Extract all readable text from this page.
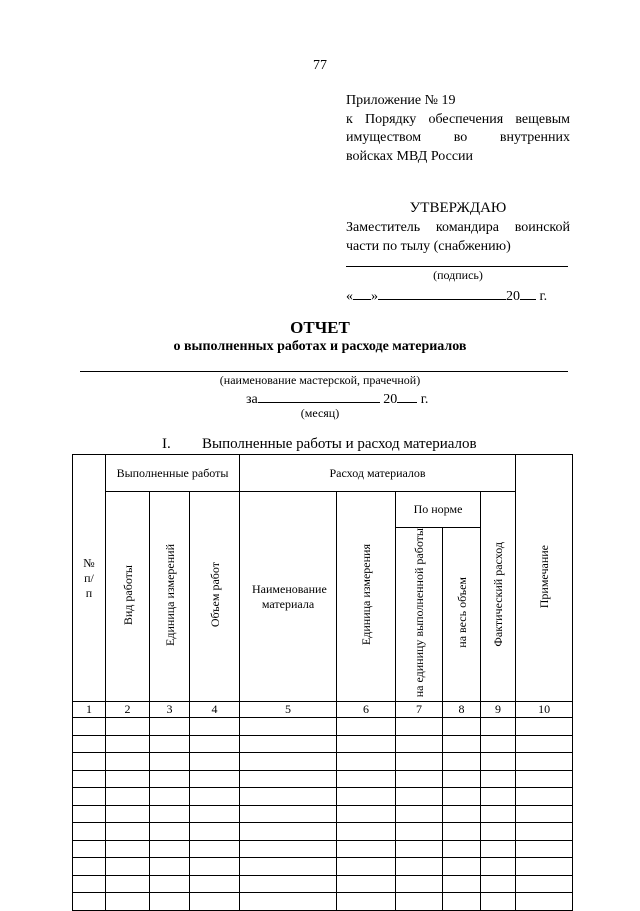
77
Приложение № 19
к Порядку обеспечения вещевым
имуществом во внутренних
войсках МВД России
УТВЕРЖДАЮ
Заместитель командира воинской
части по тылу (снабжению)
(подпись)
« »	20 г.
ОТЧЕТ
о выполненных работах и расходе материалов
(наименование мастерской, прачечной)
за	20 г.
(месяц)
I. Выполненные работы и расход материалов
№ п/п	Выполненные работы			Расход материалов					Примечание
	Вид работы	Единица измерений	Объем работ	Наименование материала	Единица измерения	По норме		Фактический расход	
						на единицу выполненной работы	на весь объем		
1	2	3	4	5	6	7	8	9	10
